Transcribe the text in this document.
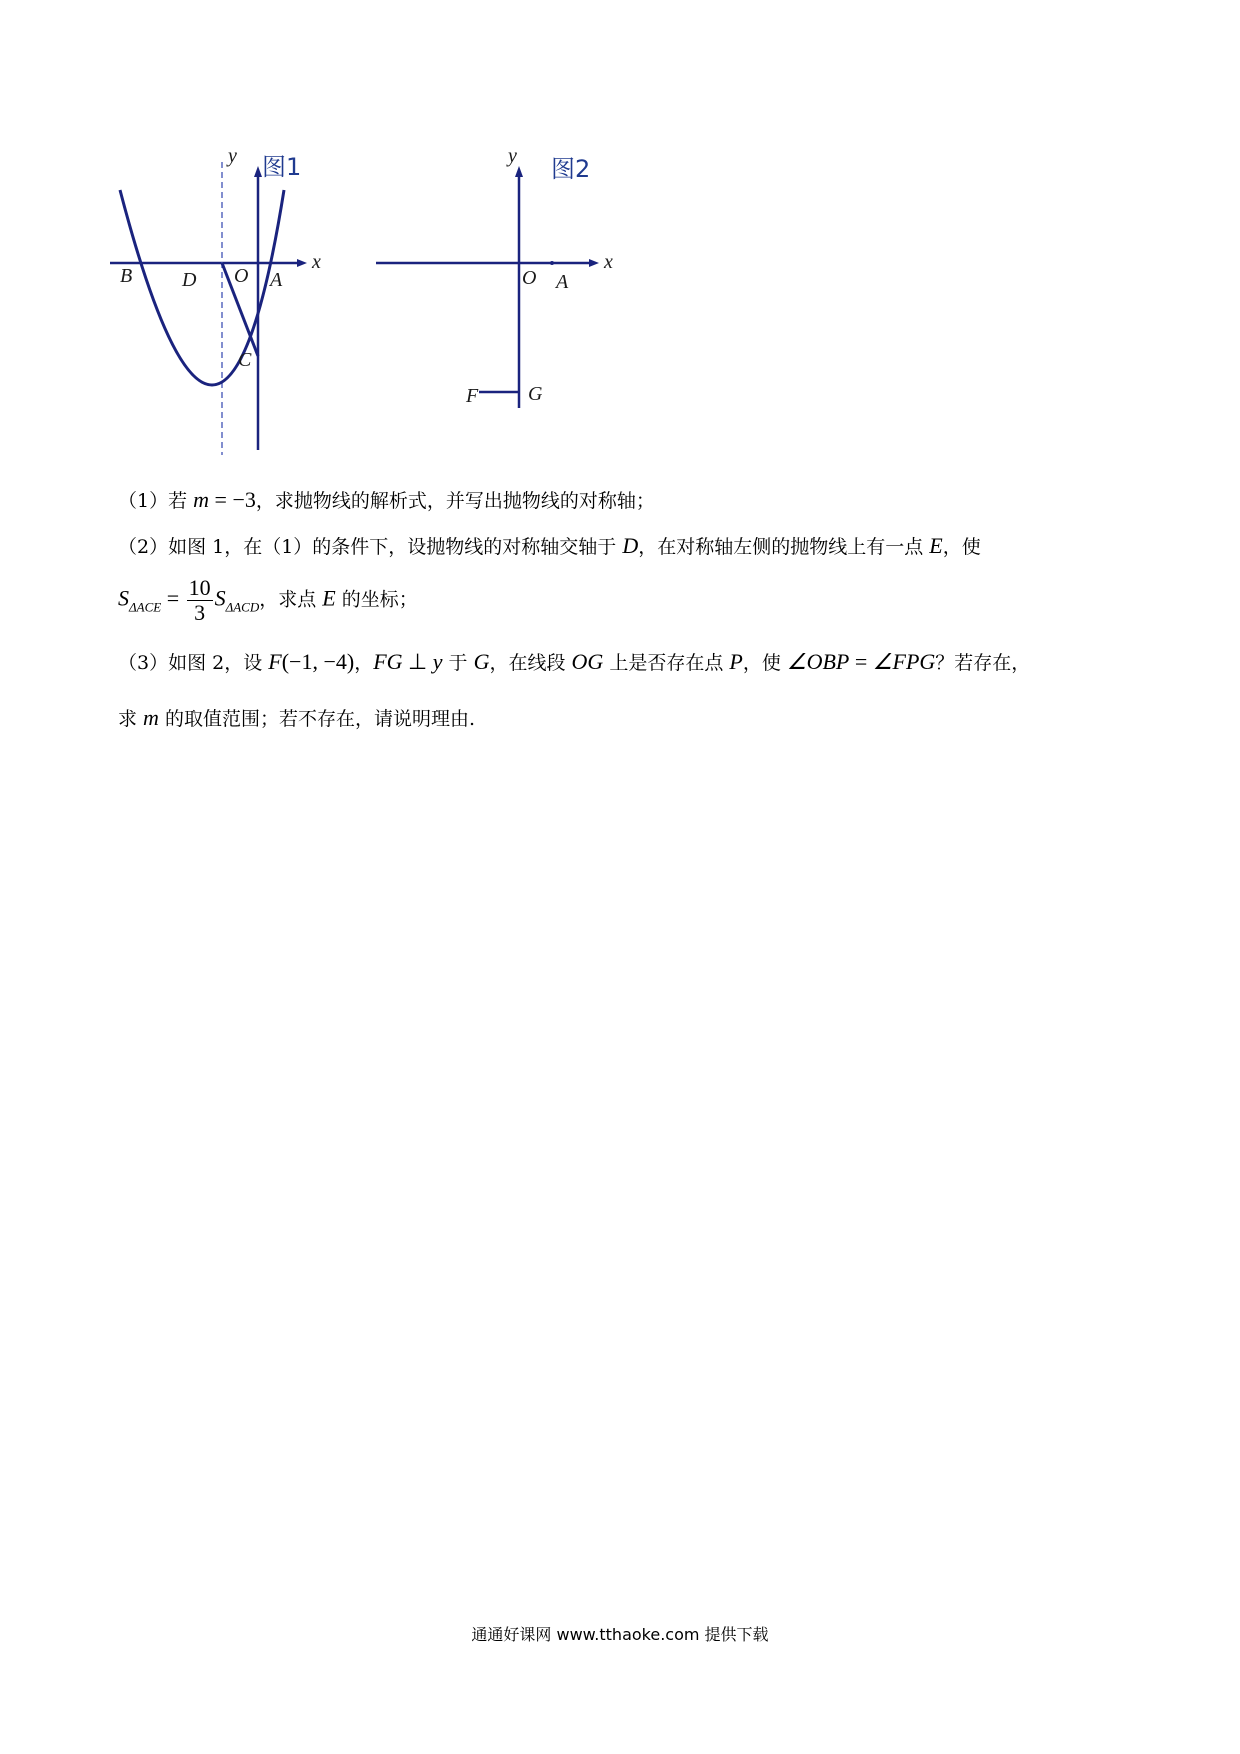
图1
y
x
B D O A
C
图2
y
x
O A
F G
（1）若 m = −3，求抛物线的解析式，并写出抛物线的对称轴；
（2）如图 1，在（1）的条件下，设抛物线的对称轴交轴于 D，在对称轴左侧的抛物线上有一点 E，使
$S_{\Delta ACE} = \frac{10}{3} S_{\Delta ACD}$，求点 E 的坐标；
（3）如图 2，设 F(−1, −4)，FG ⊥ y 于 G，在线段 OG 上是否存在点 P，使 ∠OBP = ∠FPG？若存在，
求 m 的取值范围；若不存在，请说明理由.
通通好课网 www.tthaoke.com 提供下载
